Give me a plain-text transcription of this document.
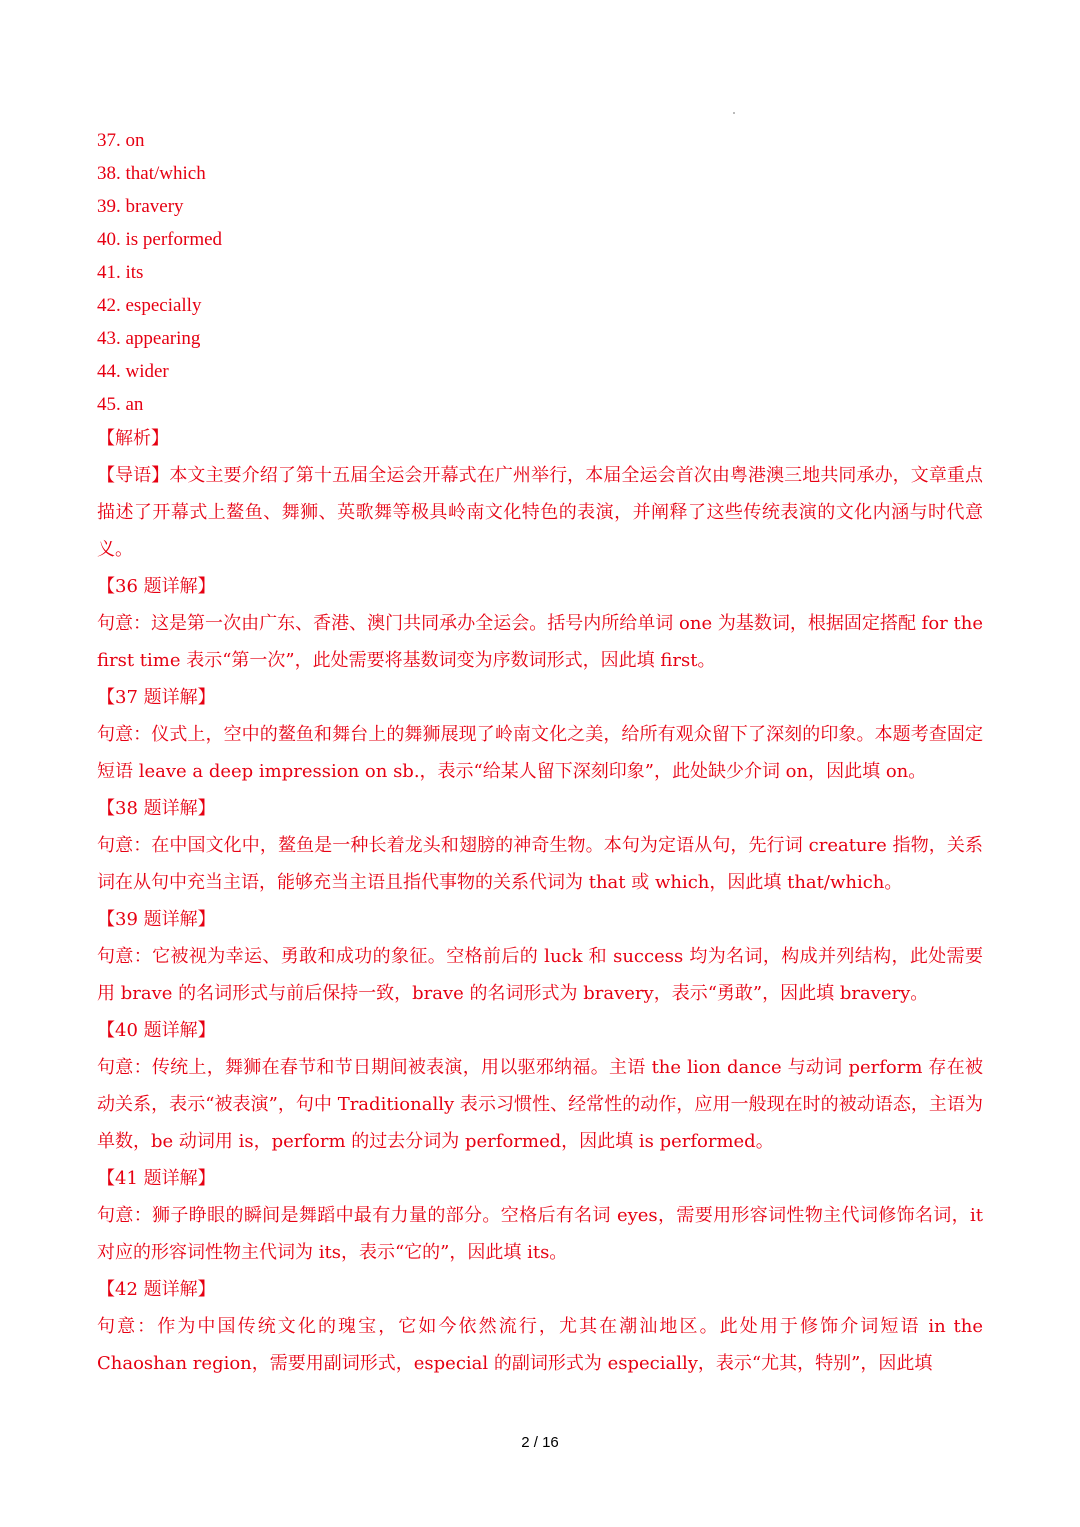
37. on
38. that/which
39. bravery
40. is performed
41. its
42. especially
43. appearing
44. wider
45. an
【解析】

【导语】本文主要介绍了第十五届全运会开幕式在广州举行，本届全运会首次由粤港澳三地共同承办，文章重点描述了开幕式上鳌鱼、舞狮、英歌舞等极具岭南文化特色的表演，并阐释了这些传统表演的文化内涵与时代意义。

【36 题详解】

句意：这是第一次由广东、香港、澳门共同承办全运会。括号内所给单词 one 为基数词，根据固定搭配 for the first time 表示“第一次”，此处需要将基数词变为序数词形式，因此填 first。

【37 题详解】

句意：仪式上，空中的鳌鱼和舞台上的舞狮展现了岭南文化之美，给所有观众留下了深刻的印象。本题考查固定短语 leave a deep impression on sb.，表示“给某人留下深刻印象”，此处缺少介词 on，因此填 on。

【38 题详解】

句意：在中国文化中，鳌鱼是一种长着龙头和翅膀的神奇生物。本句为定语从句，先行词 creature 指物，关系词在从句中充当主语，能够充当主语且指代事物的关系代词为 that 或 which，因此填 that/which。

【39 题详解】

句意：它被视为幸运、勇敢和成功的象征。空格前后的 luck 和 success 均为名词，构成并列结构，此处需要用 brave 的名词形式与前后保持一致，brave 的名词形式为 bravery，表示“勇敢”，因此填 bravery。

【40 题详解】

句意：传统上，舞狮在春节和节日期间被表演，用以驱邪纳福。主语 the lion dance 与动词 perform 存在被动关系，表示“被表演”，句中 Traditionally 表示习惯性、经常性的动作，应用一般现在时的被动语态，主语为单数，be 动词用 is，perform 的过去分词为 performed，因此填 is performed。

【41 题详解】

句意：狮子睁眼的瞬间是舞蹈中最有力量的部分。空格后有名词 eyes，需要用形容词性物主代词修饰名词，it 对应的形容词性物主代词为 its，表示“它的”，因此填 its。

【42 题详解】

句意：作为中国传统文化的瑰宝，它如今依然流行，尤其在潮汕地区。此处用于修饰介词短语 in the Chaoshan region，需要用副词形式，especial 的副词形式为 especially，表示“尤其，特别”，因此填

2 / 16
